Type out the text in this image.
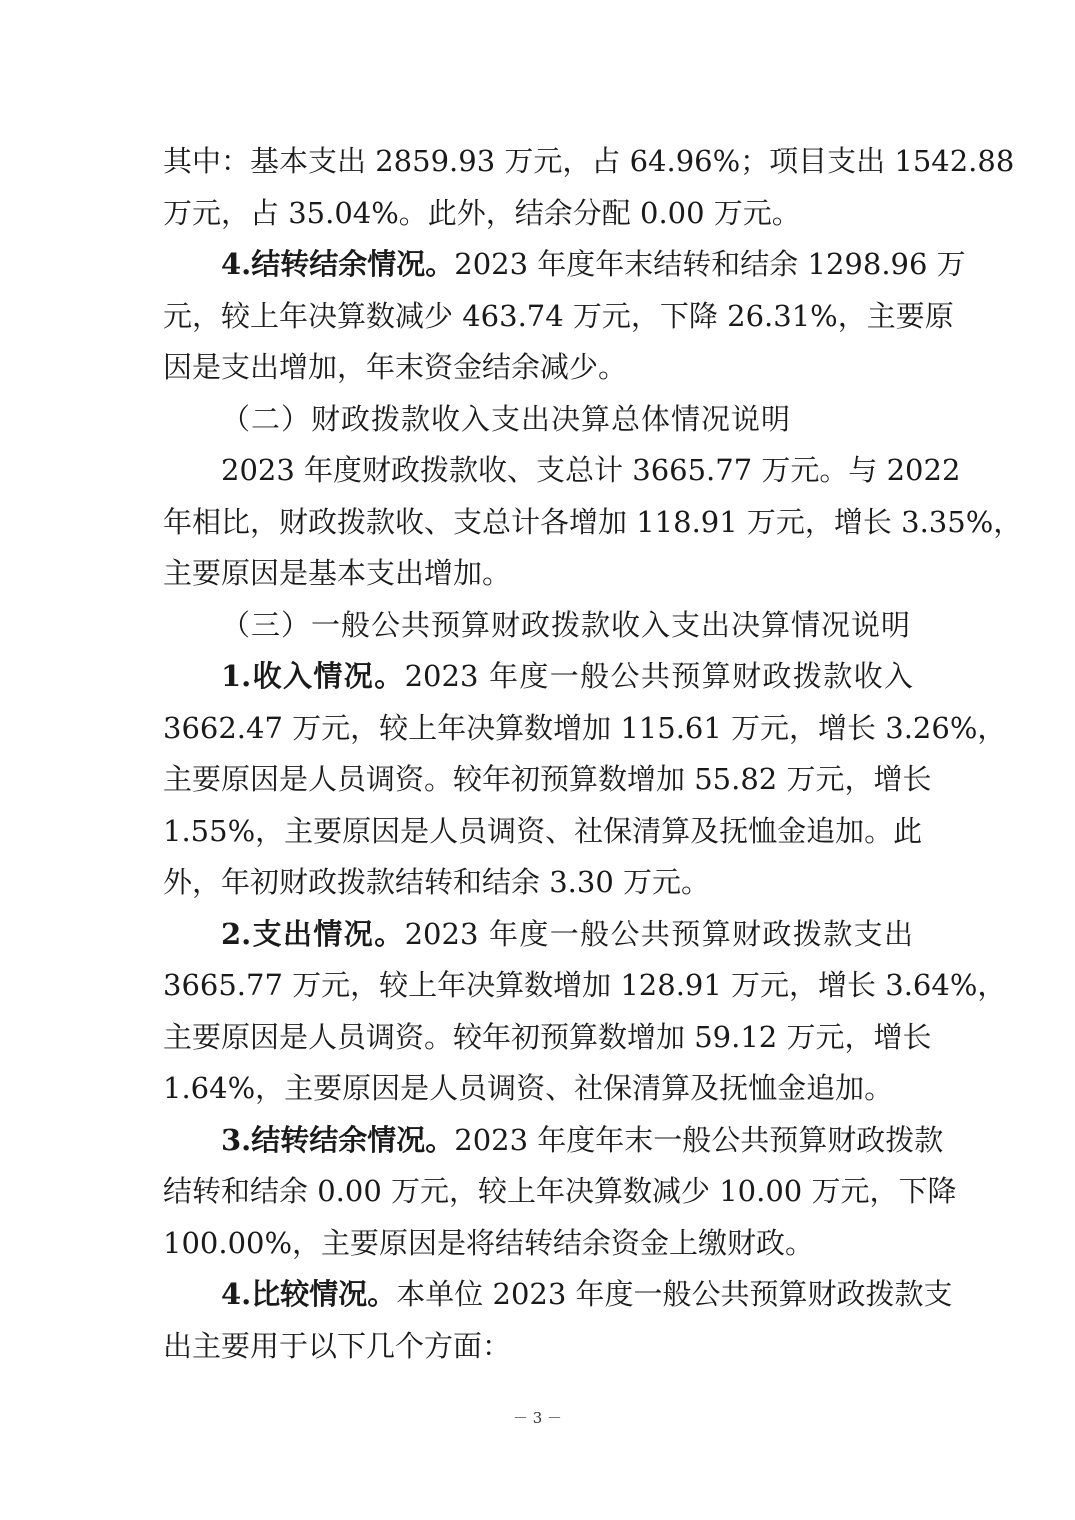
其中：基本支出 2859.93 万元，占 64.96%；项目支出 1542.88
万元，占 35.04%。此外，结余分配 0.00 万元。
4.结转结余情况。2023 年度年末结转和结余 1298.96 万
元，较上年决算数减少 463.74 万元，下降 26.31%，主要原
因是支出增加，年末资金结余减少。
（二）财政拨款收入支出决算总体情况说明
2023 年度财政拨款收、支总计 3665.77 万元。与 2022
年相比，财政拨款收、支总计各增加 118.91 万元，增长 3.35%，
主要原因是基本支出增加。
（三）一般公共预算财政拨款收入支出决算情况说明
1.收入情况。2023 年度一般公共预算财政拨款收入
3662.47 万元，较上年决算数增加 115.61 万元，增长 3.26%，
主要原因是人员调资。较年初预算数增加 55.82 万元，增长
1.55%，主要原因是人员调资、社保清算及抚恤金追加。此
外，年初财政拨款结转和结余 3.30 万元。
2.支出情况。2023 年度一般公共预算财政拨款支出
3665.77 万元，较上年决算数增加 128.91 万元，增长 3.64%，
主要原因是人员调资。较年初预算数增加 59.12 万元，增长
1.64%，主要原因是人员调资、社保清算及抚恤金追加。
3.结转结余情况。2023 年度年末一般公共预算财政拨款
结转和结余 0.00 万元，较上年决算数减少 10.00 万元，下降
100.00%，主要原因是将结转结余资金上缴财政。
4.比较情况。本单位 2023 年度一般公共预算财政拨款支
出主要用于以下几个方面：
－ 3 －
